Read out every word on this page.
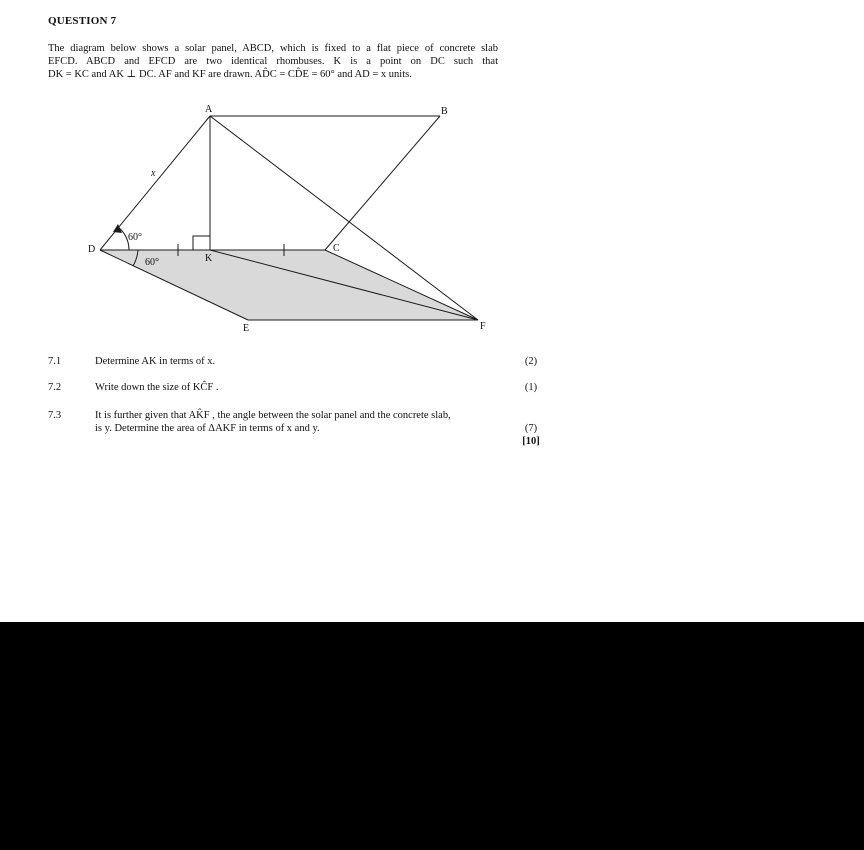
QUESTION 7
The diagram below shows a solar panel, ABCD, which is fixed to a flat piece of concrete slab
EFCD. ABCD and EFCD are two identical rhombuses. K is a point on DC such that
DK = KC and AK ⊥ DC. AF and KF are drawn. AD̂C = CD̂E = 60° and AD = x units.
A	B
C
D
E	F
K
x
60°
60°
7.1	Determine AK in terms of x.	(2)
7.2	Write down the size of KĈF .	(1)
7.3	It is further given that AK̂F , the angle between the solar panel and the concrete slab,
is y. Determine the area of ΔAKF in terms of x and y.	(7)
[10]
